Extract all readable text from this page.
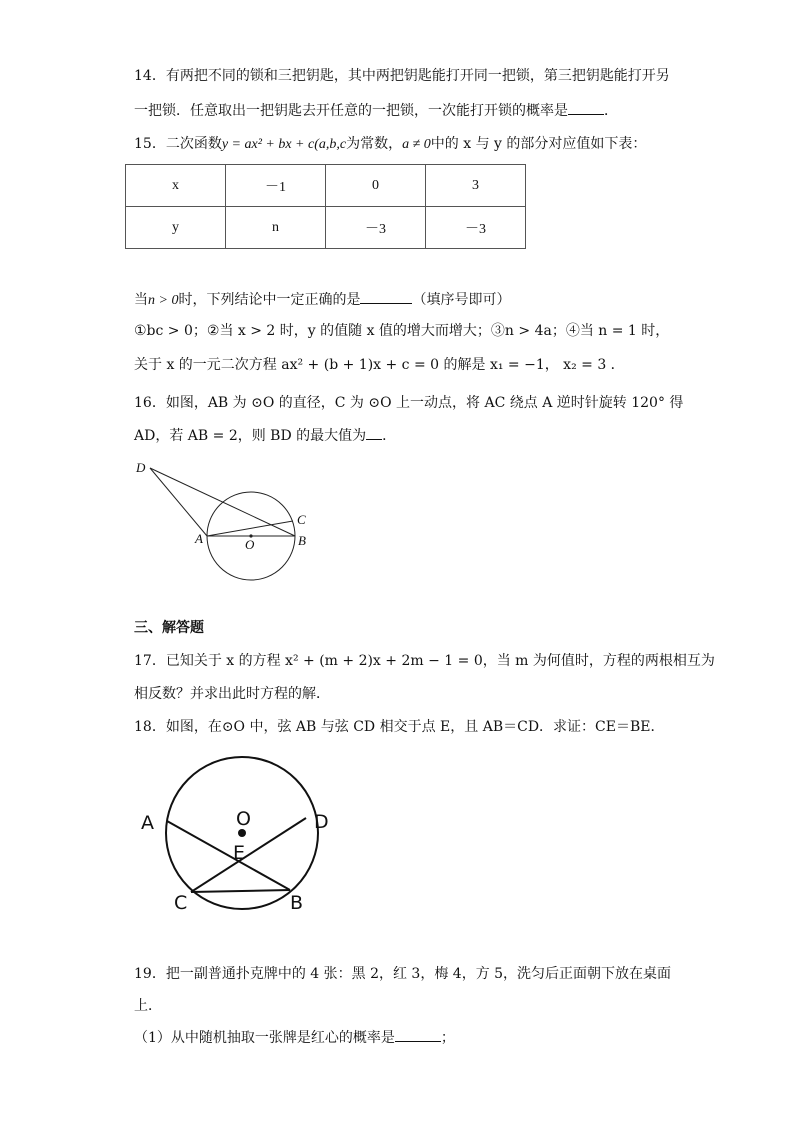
14．有两把不同的锁和三把钥匙，其中两把钥匙能打开同一把锁，第三把钥匙能打开另
一把锁．任意取出一把钥匙去开任意的一把锁，一次能打开锁的概率是	．
15．二次函数y = ax² + bx + c(a,b,c为常数，a ≠ 0中的 x 与 y 的部分对应值如下表：
x	－1	0	3
y	n	－3	－3
当n > 0时，下列结论中一定正确的是	（填序号即可）
①bc > 0；②当 x > 2 时，y 的值随 x 值的增大而增大；③n > 4a；④当 n = 1 时，
关于 x 的一元二次方程 ax² + (b + 1)x + c = 0 的解是 x₁ = −1， x₂ = 3 ．
16．如图，AB 为 ⊙O 的直径，C 为 ⊙O 上一动点，将 AC 绕点 A 逆时针旋转 120° 得
AD，若 AB = 2，则 BD 的最大值为 ．
D
C
A	O	B
三、解答题
17．已知关于 x 的方程 x² + (m + 2)x + 2m − 1 = 0，当 m 为何值时，方程的两根相互为
相反数？并求出此时方程的解．
18．如图，在⊙O 中，弦 AB 与弦 CD 相交于点 E，且 AB＝CD．求证：CE＝BE．
A	O	D
E
C	B
19．把一副普通扑克牌中的 4 张：黑 2，红 3，梅 4，方 5，洗匀后正面朝下放在桌面
上．
（1）从中随机抽取一张牌是红心的概率是	；
